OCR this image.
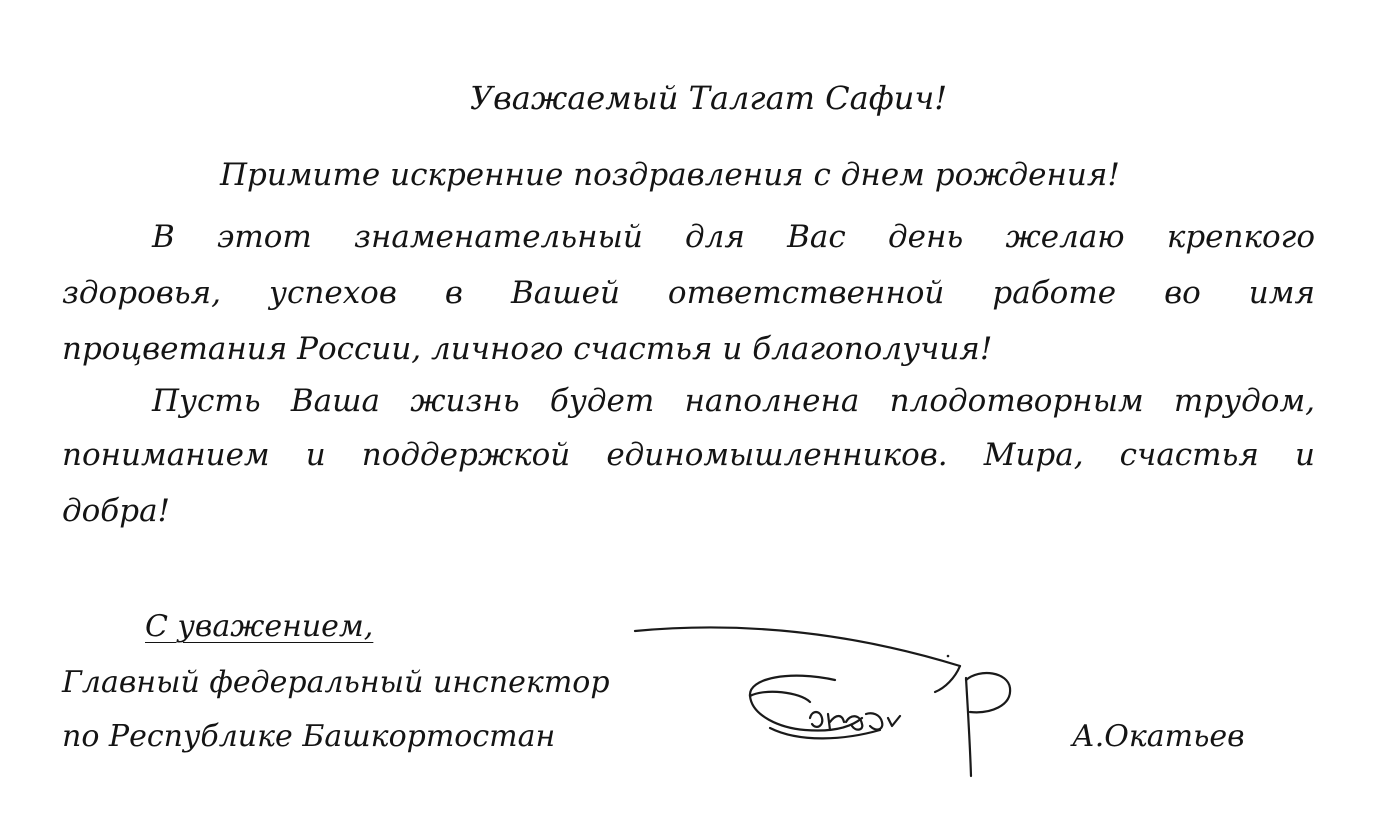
Уважаемый Талгат Сафич!
Примите искренние поздравления с днем рождения!
В этот знаменательный для Вас день желаю крепкого
здоровья, успехов в Вашей ответственной работе во имя
процветания России, личного счастья и благополучия!
Пусть Ваша жизнь будет наполнена плодотворным трудом,
пониманием и поддержкой единомышленников. Мира, счастья и
добра!
С уважением,
Главный федеральный инспектор
по Республике Башкортостан	А.Окатьев
